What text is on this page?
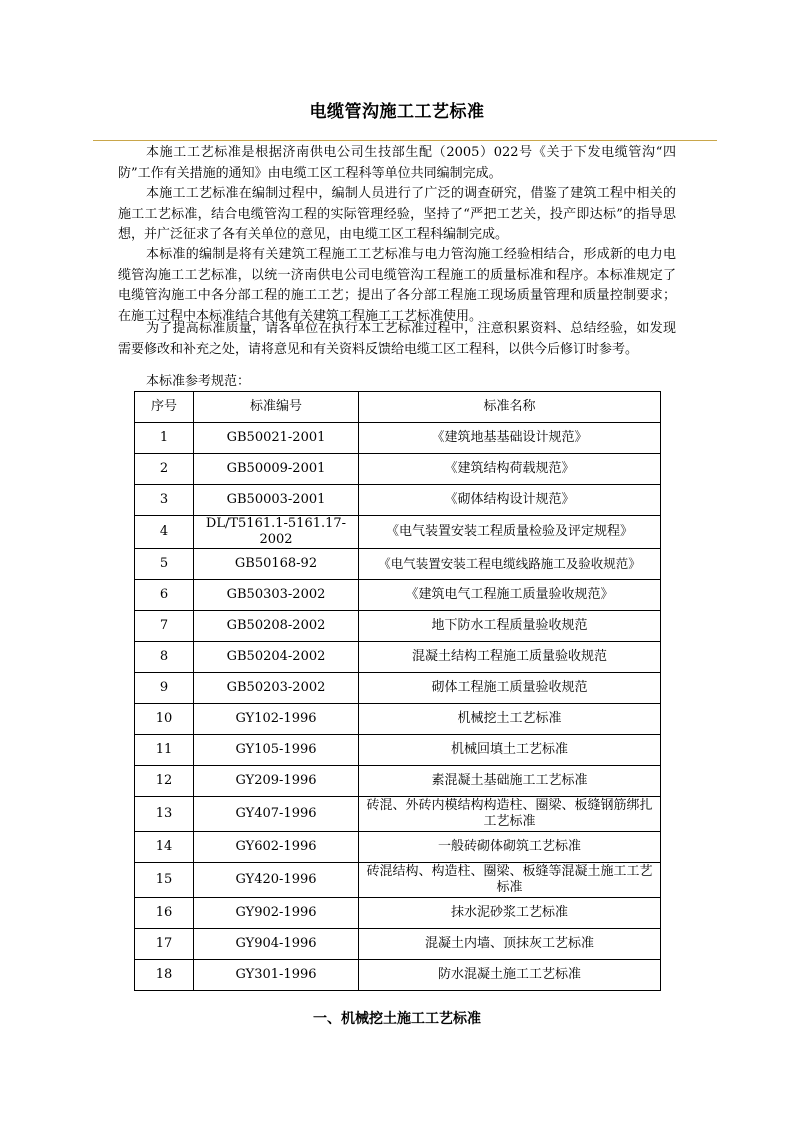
电缆管沟施工工艺标准

本施工工艺标准是根据济南供电公司生技部生配（2005）022号《关于下发电缆管沟“四防”工作有关措施的通知》由电缆工区工程科等单位共同编制完成。

本施工工艺标准在编制过程中，编制人员进行了广泛的调查研究，借鉴了建筑工程中相关的施工工艺标准，结合电缆管沟工程的实际管理经验，坚持了“严把工艺关，投产即达标”的指导思想，并广泛征求了各有关单位的意见，由电缆工区工程科编制完成。

本标准的编制是将有关建筑工程施工工艺标准与电力管沟施工经验相结合，形成新的电力电缆管沟施工工艺标准，以统一济南供电公司电缆管沟工程施工的质量标准和程序。本标准规定了电缆管沟施工中各分部工程的施工工艺；提出了各分部工程施工现场质量管理和质量控制要求；在施工过程中本标准结合其他有关建筑工程施工工艺标准使用。

为了提高标准质量，请各单位在执行本工艺标准过程中，注意积累资料、总结经验，如发现需要修改和补充之处，请将意见和有关资料反馈给电缆工区工程科，以供今后修订时参考。

本标准参考规范：

序号	标准编号	标准名称
1	GB50021-2001	《建筑地基基础设计规范》
2	GB50009-2001	《建筑结构荷载规范》
3	GB50003-2001	《砌体结构设计规范》
4	DL/T5161.1-5161.17-2002	《电气装置安装工程质量检验及评定规程》
5	GB50168-92	《电气装置安装工程电缆线路施工及验收规范》
6	GB50303-2002	《建筑电气工程施工质量验收规范》
7	GB50208-2002	地下防水工程质量验收规范
8	GB50204-2002	混凝土结构工程施工质量验收规范
9	GB50203-2002	砌体工程施工质量验收规范
10	GY102-1996	机械挖土工艺标准
11	GY105-1996	机械回填土工艺标准
12	GY209-1996	素混凝土基础施工工艺标准
13	GY407-1996	砖混、外砖内模结构构造柱、圈梁、板缝钢筋绑扎工艺标准
14	GY602-1996	一般砖砌体砌筑工艺标准
15	GY420-1996	砖混结构、构造柱、圈梁、板缝等混凝土施工工艺标准
16	GY902-1996	抹水泥砂浆工艺标准
17	GY904-1996	混凝土内墙、顶抹灰工艺标准
18	GY301-1996	防水混凝土施工工艺标准
一、机械挖土施工工艺标准
